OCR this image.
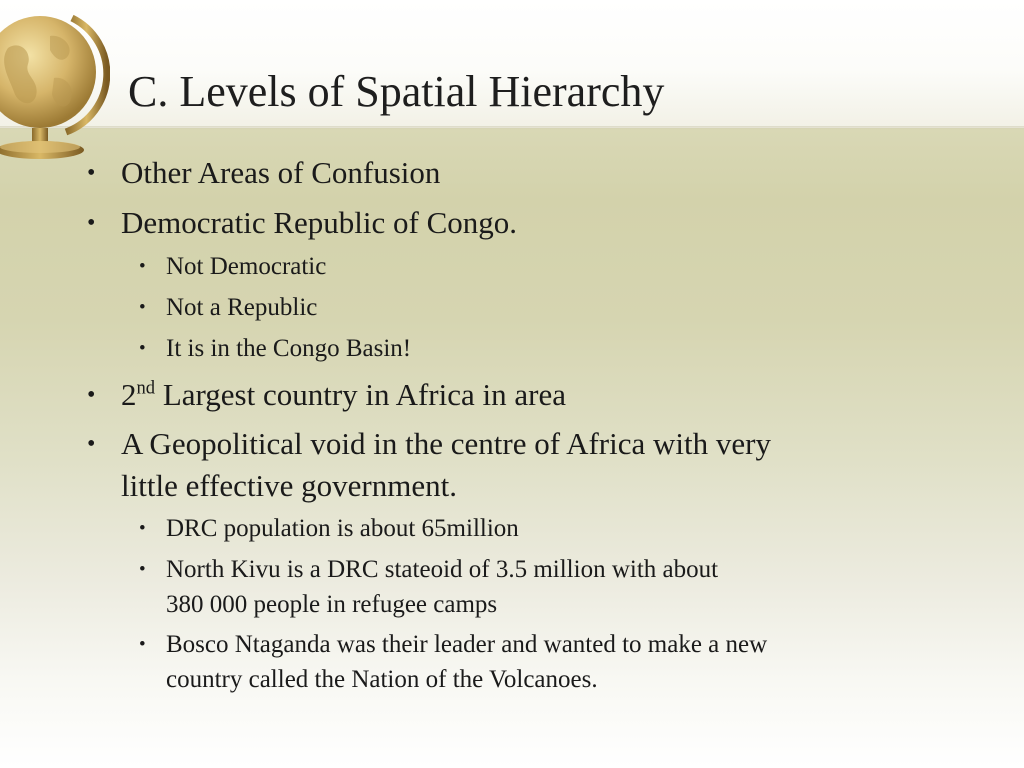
C. Levels of Spatial Hierarchy
• Other Areas of Confusion
• Democratic Republic of Congo.
• Not Democratic
• Not a Republic
• It is in the Congo Basin!
• 2nd Largest country in Africa in area
• A Geopolitical void in the centre of Africa with very
little effective government.
• DRC population is about 65million
• North Kivu is a DRC stateoid of 3.5 million with about
380 000 people in refugee camps
• Bosco Ntaganda was their leader and wanted to make a new
country called the Nation of the Volcanoes.
